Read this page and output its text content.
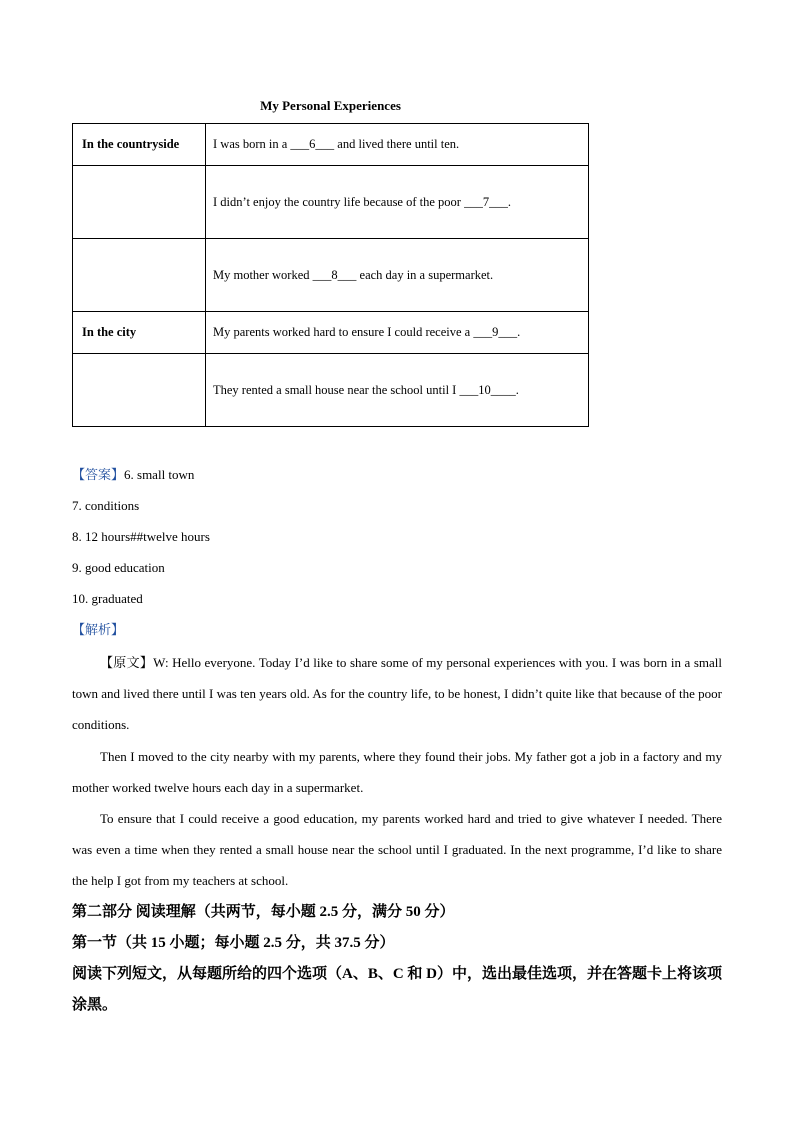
My Personal Experiences
In the countryside	I was born in a ___6___ and lived there until ten.
	I didn’t enjoy the country life because of the poor ___7___.
	My mother worked ___8___ each day in a supermarket.
In the city	My parents worked hard to ensure I could receive a ___9___.
	They rented a small house near the school until I ___10____.
【答案】6. small town
7. conditions
8. 12 hours##twelve hours
9. good education
10. graduated
【解析】

【原文】W: Hello everyone. Today I’d like to share some of my personal experiences with you. I was born in a small town and lived there until I was ten years old. As for the country life, to be honest, I didn’t quite like that because of the poor conditions.

Then I moved to the city nearby with my parents, where they found their jobs. My father got a job in a factory and my mother worked twelve hours each day in a supermarket.

To ensure that I could receive a good education, my parents worked hard and tried to give whatever I needed. There was even a time when they rented a small house near the school until I graduated. In the next programme, I’d like to share the help I got from my teachers at school.

第二部分 阅读理解（共两节，每小题 2.5 分，满分 50 分）

第一节（共 15 小题；每小题 2.5 分，共 37.5 分）

阅读下列短文，从每题所给的四个选项（A、B、C 和 D）中，选出最佳选项，并在答题卡上将该项涂黑。
